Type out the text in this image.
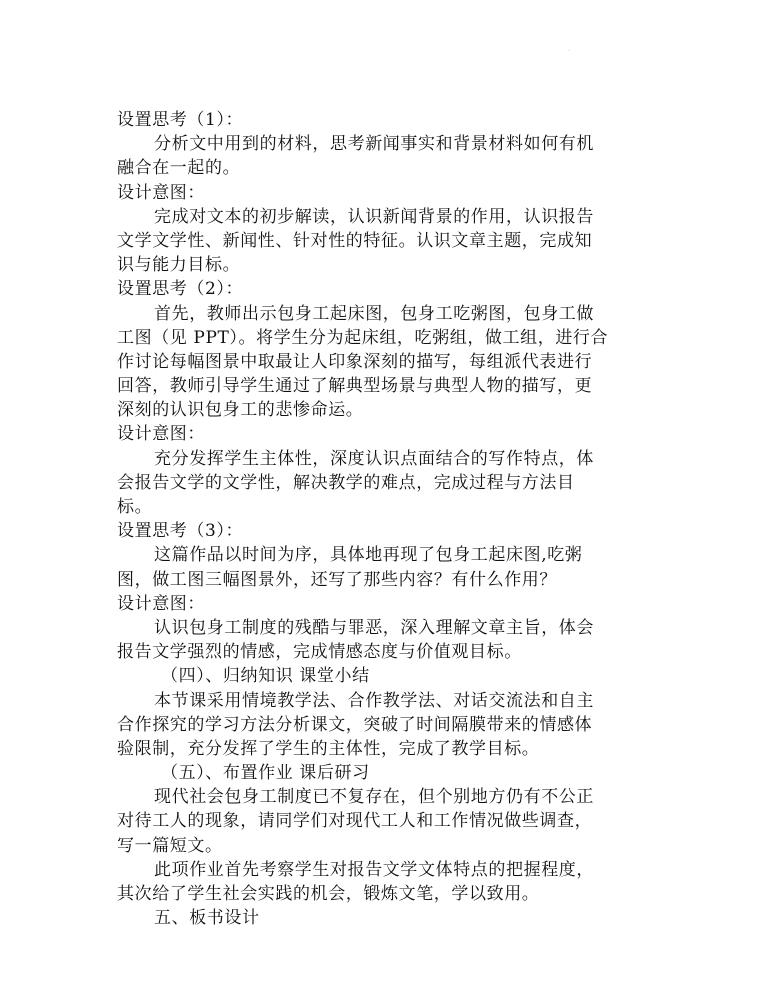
.
设置思考（1）：
分析文中用到的材料，思考新闻事实和背景材料如何有机
融合在一起的。
设计意图：
完成对文本的初步解读，认识新闻背景的作用，认识报告
文学文学性、新闻性、针对性的特征。认识文章主题，完成知
识与能力目标。
设置思考（2）：
首先，教师出示包身工起床图，包身工吃粥图，包身工做
工图（见 PPT）。将学生分为起床组，吃粥组，做工组，进行合
作讨论每幅图景中取最让人印象深刻的描写，每组派代表进行
回答，教师引导学生通过了解典型场景与典型人物的描写，更
深刻的认识包身工的悲惨命运。
设计意图：
充分发挥学生主体性，深度认识点面结合的写作特点，体
会报告文学的文学性，解决教学的难点，完成过程与方法目
标。
设置思考（3）：
这篇作品以时间为序，具体地再现了包身工起床图,吃粥
图，做工图三幅图景外，还写了那些内容？有什么作用？
设计意图：
认识包身工制度的残酷与罪恶，深入理解文章主旨，体会
报告文学强烈的情感，完成情感态度与价值观目标。
（四）、归纳知识 课堂小结
本节课采用情境教学法、合作教学法、对话交流法和自主
合作探究的学习方法分析课文，突破了时间隔膜带来的情感体
验限制，充分发挥了学生的主体性，完成了教学目标。
（五）、布置作业 课后研习
现代社会包身工制度已不复存在，但个别地方仍有不公正
对待工人的现象，请同学们对现代工人和工作情况做些调查，
写一篇短文。
此项作业首先考察学生对报告文学文体特点的把握程度，
其次给了学生社会实践的机会，锻炼文笔，学以致用。
五、板书设计
